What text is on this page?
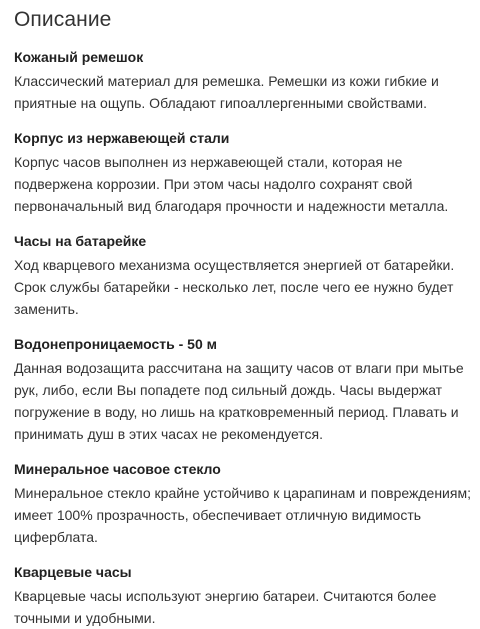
Описание
Кожаный ремешок

Классический материал для ремешка. Ремешки из кожи гибкие и
приятные на ощупь. Обладают гипоаллергенными свойствами.

Корпус из нержавеющей стали

Корпус часов выполнен из нержавеющей стали, которая не
подвержена коррозии. При этом часы надолго сохранят свой
первоначальный вид благодаря прочности и надежности металла.

Часы на батарейке

Ход кварцевого механизма осуществляется энергией от батарейки.
Срок службы батарейки - несколько лет, после чего ее нужно будет
заменить.

Водонепроницаемость - 50 м

Данная водозащита рассчитана на защиту часов от влаги при мытье
рук, либо, если Вы попадете под сильный дождь. Часы выдержат
погружение в воду, но лишь на кратковременный период. Плавать и
принимать душ в этих часах не рекомендуется.

Минеральное часовое стекло

Минеральное стекло крайне устойчиво к царапинам и повреждениям;
имеет 100% прозрачность, обеспечивает отличную видимость
циферблата.

Кварцевые часы

Кварцевые часы используют энергию батареи. Считаются более
точными и удобными.
